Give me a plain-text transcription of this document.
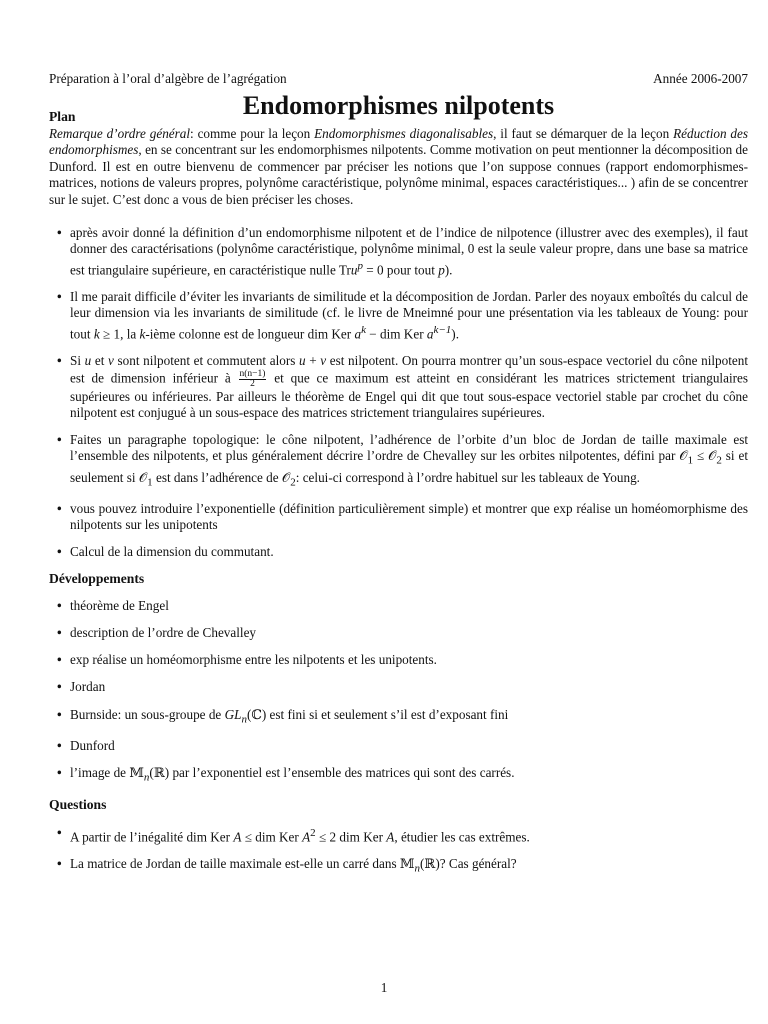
Préparation à l’oral d’algèbre de l’agrégation	Année 2006-2007
Endomorphismes nilpotents
Plan

Remarque d’ordre général: comme pour la leçon Endomorphismes diagonalisables, il faut se démarquer de la leçon Réduction des endomorphismes, en se concentrant sur les endomorphismes nilpotents. Comme motivation on peut mentionner la décomposition de Dunford. Il est en outre bienvenu de commencer par préciser les notions que l’on suppose connues (rapport endomorphismes-matrices, notions de valeurs propres, polynôme caractéristique, polynôme minimal, espaces caractéristiques... ) afin de se concentrer sur le sujet. C’est donc a vous de bien préciser les choses.

• après avoir donné la définition d’un endomorphisme nilpotent et de l’indice de nilpotence (illustrer avec des exemples), il faut donner des caractérisations (polynôme caractéristique, polynôme minimal, 0 est la seule valeur propre, dans une base sa matrice est triangulaire supérieure, en caractéristique nulle Tru$^p$ = 0 pour tout p).
• Il me parait difficile d’éviter les invariants de similitude et la décomposition de Jordan. Parler des noyaux emboîtés du calcul de leur dimension via les invariants de similitude (cf. le livre de Mneimné pour une présentation via les tableaux de Young: pour tout k ≥ 1, la k-ième colonne est de longueur dim Ker $a^k$ − dim Ker $a^{k-1}$).
• Si u et v sont nilpotent et commutent alors u + v est nilpotent. On pourra montrer qu’un sous-espace vectoriel du cône nilpotent est de dimension inférieur à $\frac{n(n-1)}{2}$ et que ce maximum est atteint en considérant les matrices strictement triangulaires supérieures ou inférieures. Par ailleurs le théorème de Engel qui dit que tout sous-espace vectoriel stable par crochet du cône nilpotent est conjugué à un sous-espace des matrices strictement triangulaires supérieures.
• Faites un paragraphe topologique: le cône nilpotent, l’adhérence de l’orbite d’un bloc de Jordan de taille maximale est l’ensemble des nilpotents, et plus généralement décrire l’ordre de Chevalley sur les orbites nilpotentes, défini par 𝒪$_1$ ≤ 𝒪$_2$ si et seulement si 𝒪$_1$ est dans l’adhérence de 𝒪$_2$: celui-ci correspond à l’ordre habituel sur les tableaux de Young.
• vous pouvez introduire l’exponentielle (définition particulièrement simple) et montrer que exp réalise un homéomorphisme des nilpotents sur les unipotents
• Calcul de la dimension du commutant.
Développements
• théorème de Engel
• description de l’ordre de Chevalley
• exp réalise un homéomorphisme entre les nilpotents et les unipotents.
• Jordan
• Burnside: un sous-groupe de $GL_n(ℂ)$ est fini si et seulement s’il est d’exposant fini
• Dunford
• l’image de 𝕄$_n$(ℝ) par l’exponentiel est l’ensemble des matrices qui sont des carrés.
Questions
• A partir de l’inégalité dim Ker A ≤ dim Ker $A^2 \le 2$ dim Ker A, étudier les cas extrêmes.
• La matrice de Jordan de taille maximale est-elle un carré dans 𝕄$_n$(ℝ)? Cas général?
1
